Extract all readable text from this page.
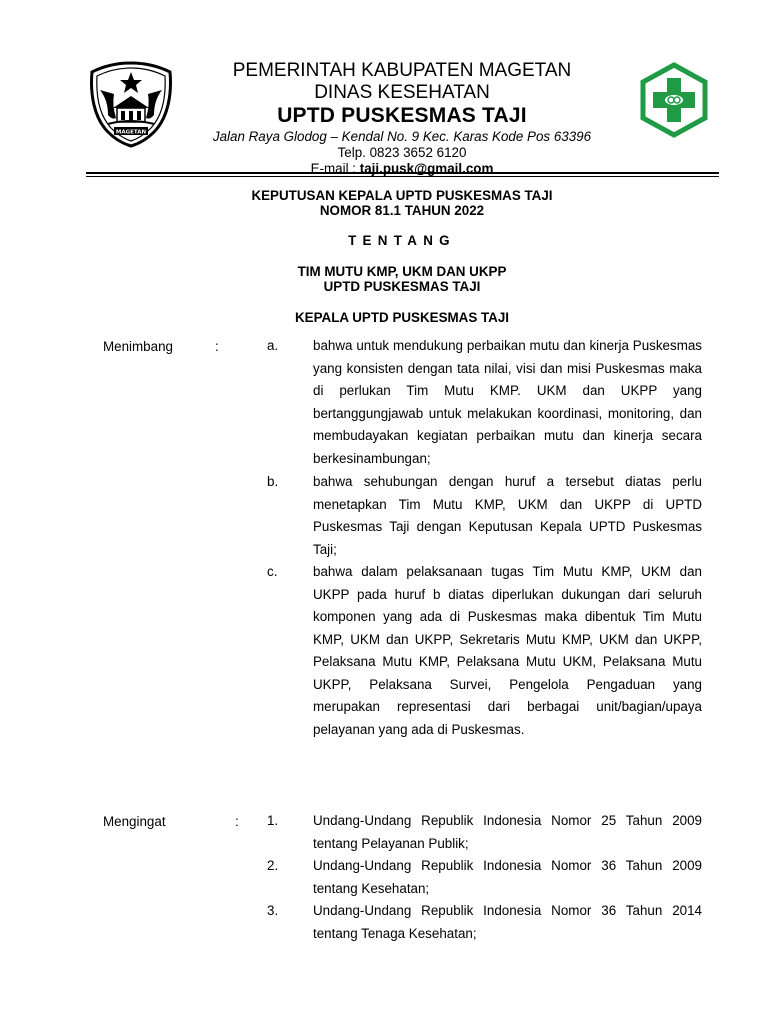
MAGETAN
PEMERINTAH KABUPATEN MAGETAN
DINAS KESEHATAN
UPTD PUSKESMAS TAJI
Jalan Raya Glodog – Kendal No. 9 Kec. Karas Kode Pos 63396
Telp. 0823 3652 6120
E-mail : taji.pusk@gmail.com
KEPUTUSAN KEPALA UPTD PUSKESMAS TAJI
NOMOR 81.1 TAHUN 2022
TENTANG
TIM MUTU KMP, UKM DAN UKPP
UPTD PUSKESMAS TAJI
KEPALA UPTD PUSKESMAS TAJI
Menimbang	:	a.	bahwa untuk mendukung perbaikan mutu dan kinerja Puskesmas yang konsisten dengan tata nilai, visi dan misi Puskesmas maka di perlukan Tim Mutu KMP. UKM dan UKPP yang bertanggungjawab untuk melakukan koordinasi, monitoring, dan membudayakan kegiatan perbaikan mutu dan kinerja secara berkesinambungan;
b.	bahwa sehubungan dengan huruf a tersebut diatas perlu menetapkan Tim Mutu KMP, UKM dan UKPP di UPTD Puskesmas Taji dengan Keputusan Kepala UPTD Puskesmas Taji;
c.	bahwa dalam pelaksanaan tugas Tim Mutu KMP, UKM dan UKPP pada huruf b diatas diperlukan dukungan dari seluruh komponen yang ada di Puskesmas maka dibentuk Tim Mutu KMP, UKM dan UKPP, Sekretaris Mutu KMP, UKM dan UKPP, Pelaksana Mutu KMP, Pelaksana Mutu UKM, Pelaksana Mutu UKPP, Pelaksana Survei, Pengelola Pengaduan yang merupakan representasi dari berbagai unit/bagian/upaya pelayanan yang ada di Puskesmas.
Mengingat	: 1.	Undang-Undang Republik Indonesia Nomor 25 Tahun 2009 tentang Pelayanan Publik;
2.	Undang-Undang Republik Indonesia Nomor 36 Tahun 2009 tentang Kesehatan;
3.	Undang-Undang Republik Indonesia Nomor 36 Tahun 2014 tentang Tenaga Kesehatan;
